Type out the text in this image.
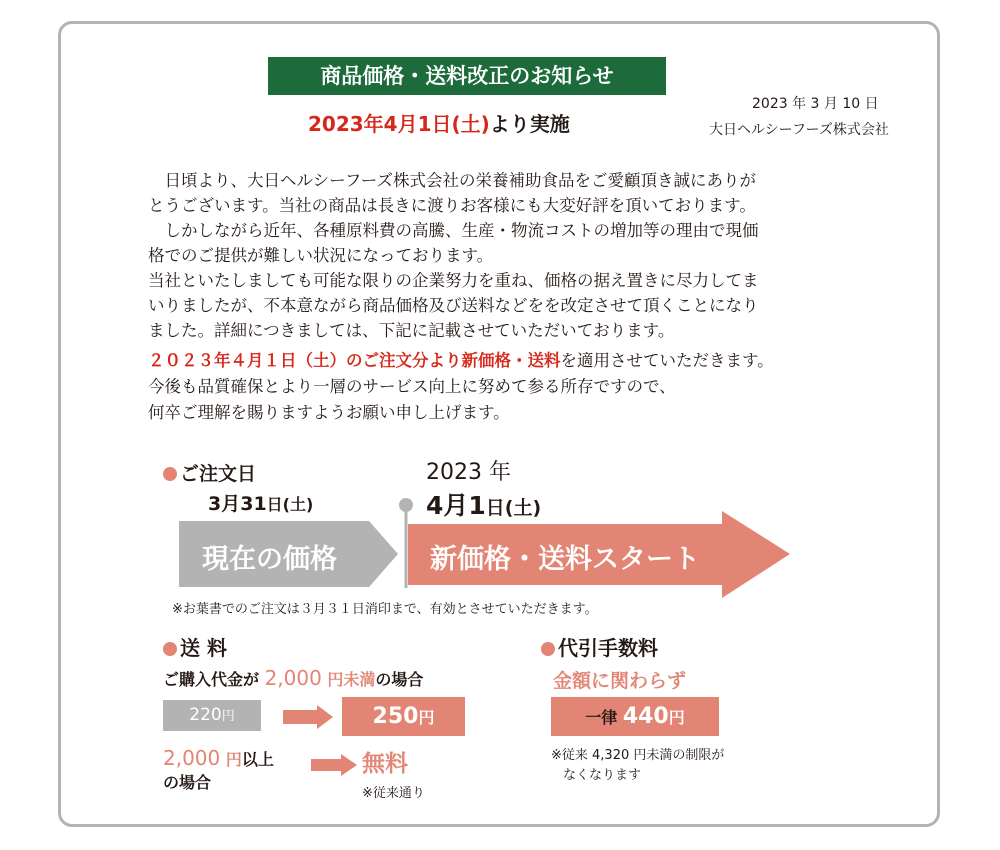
商品価格・送料改正のお知らせ
2023年4月1日(土)より実施
2023 年 3 月 10 日
大日ヘルシーフーズ株式会社
　日頃より、大日ヘルシーフーズ株式会社の栄養補助食品をご愛顧頂き誠にありが
とうございます。当社の商品は長きに渡りお客様にも大変好評を頂いております。
　しかしながら近年、各種原料費の高騰、生産・物流コストの増加等の理由で現価
格でのご提供が難しい状況になっております。
当社といたしましても可能な限りの企業努力を重ね、価格の据え置きに尽力してま
いりましたが、不本意ながら商品価格及び送料などをを改定させて頂くことになり
ました。詳細につきましては、下記に記載させていただいております。
２０２３年４月１日（土）のご注文分より新価格・送料を適用させていただきます。
今後も品質確保とより一層のサービス向上に努めて参る所存ですので、
何卒ご理解を賜りますようお願い申し上げます。
ご注文日
3月31日(土)
2023 年
4月1日(土)
現在の価格	新価格・送料スタート
※お葉書でのご注文は３月３１日消印まで、有効とさせていただきます。
送 料
ご購入代金が 2,000 円未満の場合
220円	250円
2,000 円以上
の場合
無料
※従来通り
代引手数料
金額に関わらず
一律 440円
※従来 4,320 円未満の制限が
なくなります
